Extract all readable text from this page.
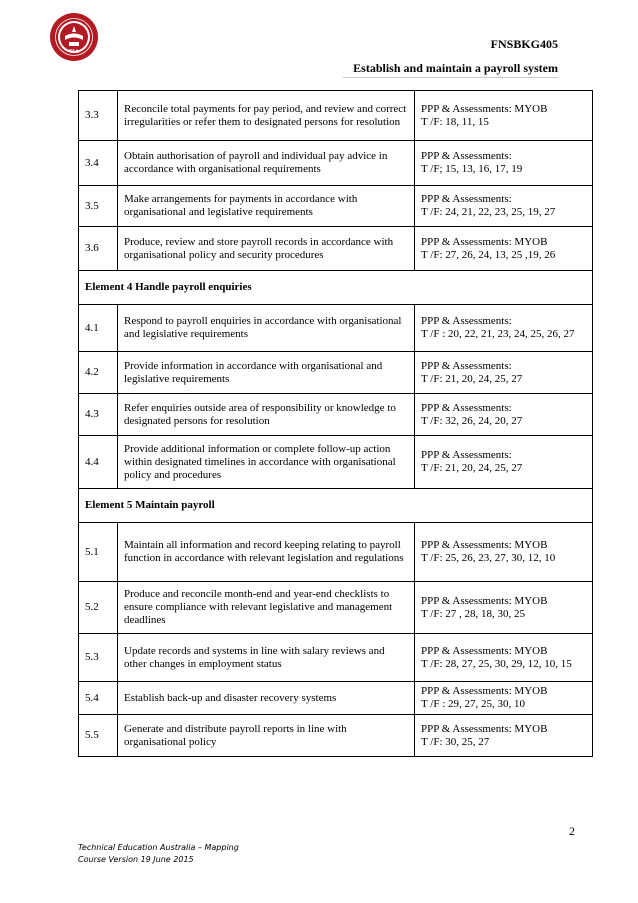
TEA
FNSBKG405
Establish and maintain a payroll system
3.3	Reconcile total payments for pay period, and review and correct irregularities or refer them to designated persons for resolution	PPP & Assessments: MYOB
T /F: 18, 11, 15

3.4	Obtain authorisation of payroll and individual pay advice in accordance with organisational requirements	PPP & Assessments:
T /F; 15, 13, 16, 17, 19

3.5	Make arrangements for payments in accordance with organisational and legislative requirements	PPP & Assessments:
T /F: 24, 21, 22, 23, 25, 19, 27

3.6	Produce, review and store payroll records in accordance with organisational policy and security procedures	PPP & Assessments: MYOB
T /F: 27, 26, 24, 13, 25 ,19, 26

Element 4 Handle payroll enquiries		
4.1	Respond to payroll enquiries in accordance with organisational and legislative requirements	PPP & Assessments:
T /F : 20, 22, 21, 23, 24, 25, 26, 27

4.2	Provide information in accordance with organisational and legislative requirements	PPP & Assessments:
T /F: 21, 20, 24, 25, 27

4.3	Refer enquiries outside area of responsibility or knowledge to designated persons for resolution	PPP & Assessments:
T /F: 32, 26, 24, 20, 27

4.4	Provide additional information or complete follow-up action within designated timelines in accordance with organisational policy and procedures	PPP & Assessments:
T /F: 21, 20, 24, 25, 27

Element 5 Maintain payroll		
5.1	Maintain all information and record keeping relating to payroll function in accordance with relevant legislation and regulations	PPP & Assessments: MYOB
T /F: 25, 26, 23, 27, 30, 12, 10

5.2	Produce and reconcile month-end and year-end checklists to ensure compliance with relevant legislative and management deadlines	PPP & Assessments: MYOB
T /F: 27 , 28, 18, 30, 25

5.3	Update records and systems in line with salary reviews and other changes in employment status	PPP & Assessments: MYOB
T /F: 28, 27, 25, 30, 29, 12, 10, 15

5.4	Establish back-up and disaster recovery systems	PPP & Assessments: MYOB
T /F : 29, 27, 25, 30, 10

5.5	Generate and distribute payroll reports in line with organisational policy	PPP & Assessments: MYOB
T /F: 30, 25, 27
2
Technical Education Australia – Mapping
Course Version 19 June 2015
